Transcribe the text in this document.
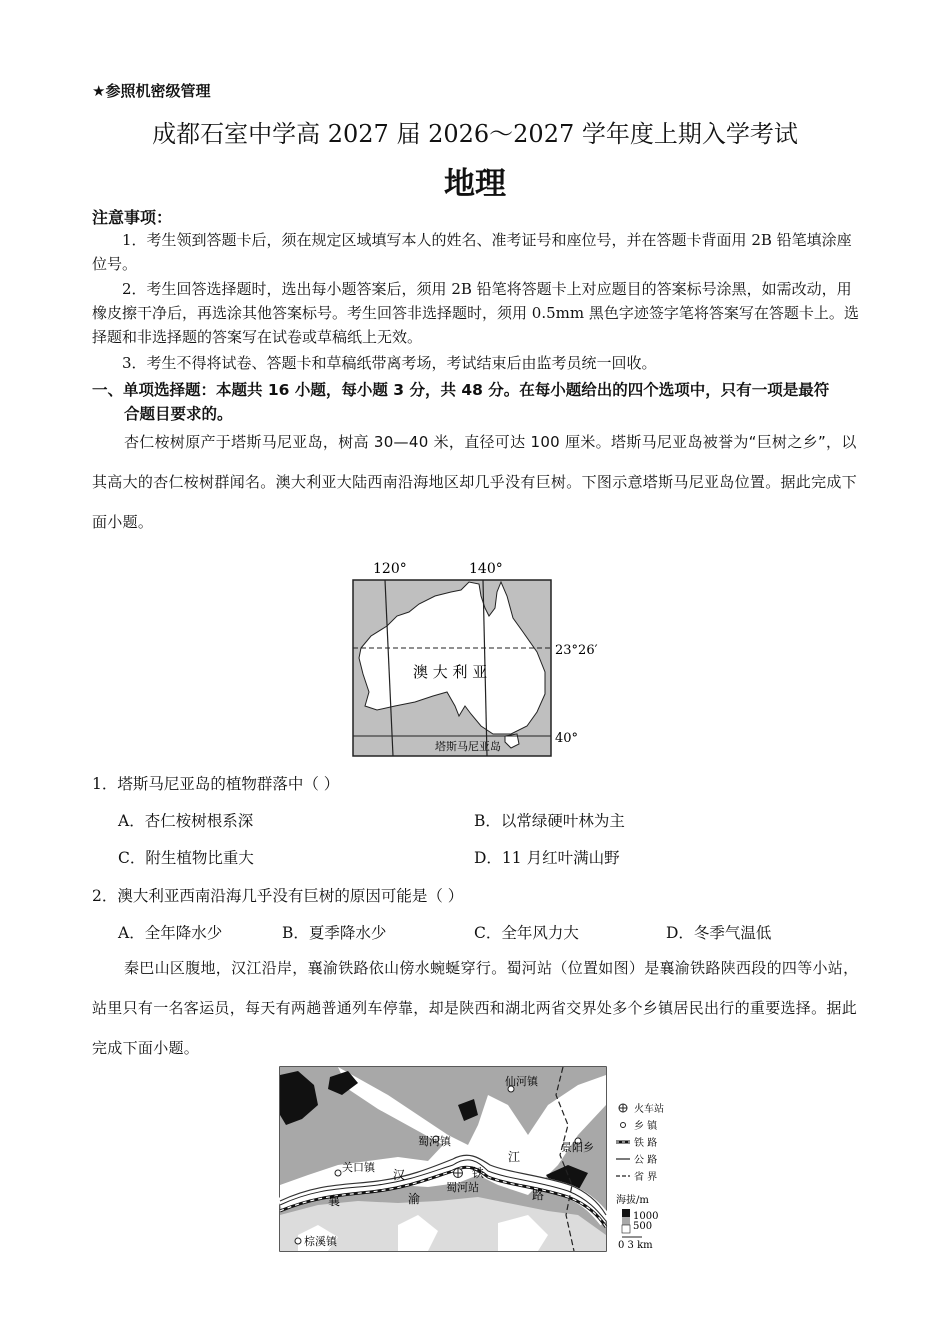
★参照机密级管理
成都石室中学高 2027 届 2026～2027 学年度上期入学考试
地理
注意事项：
1．考生领到答题卡后，须在规定区域填写本人的姓名、准考证号和座位号，并在答题卡背面用 2B 铅笔填涂座位号。
2．考生回答选择题时，选出每小题答案后，须用 2B 铅笔将答题卡上对应题目的答案标号涂黑，如需改动，用橡皮擦干净后，再选涂其他答案标号。考生回答非选择题时，须用 0.5mm 黑色字迹签字笔将答案写在答题卡上。选择题和非选择题的答案写在试卷或草稿纸上无效。
3．考生不得将试卷、答题卡和草稿纸带离考场，考试结束后由监考员统一回收。
一、单项选择题：本题共 16 小题，每小题 3 分，共 48 分。在每小题给出的四个选项中，只有一项是最符
合题目要求的。
杏仁桉树原产于塔斯马尼亚岛，树高 30—40 米，直径可达 100 厘米。塔斯马尼亚岛被誉为“巨树之乡”，以其高大的杏仁桉树群闻名。澳大利亚大陆西南沿海地区却几乎没有巨树。下图示意塔斯马尼亚岛位置。据此完成下面小题。
120°	140°
23°26′
40°
澳 大 利 亚
塔斯马尼亚岛
1．塔斯马尼亚岛的植物群落中（ ）
A．杏仁桉树根系深	B．以常绿硬叶林为主
C．附生植物比重大	D．11 月红叶满山野
2．澳大利亚西南沿海几乎没有巨树的原因可能是（ ）
A．全年降水少	B．夏季降水少	C．全年风力大	D．冬季气温低
秦巴山区腹地，汉江沿岸，襄渝铁路依山傍水蜿蜒穿行。蜀河站（位置如图）是襄渝铁路陕西段的四等小站，站里只有一名客运员，每天有两趟普通列车停靠，却是陕西和湖北两省交界处多个乡镇居民出行的重要选择。据此完成下面小题。
仙河镇
蜀河镇
关口镇
景阳乡
棕溪镇
蜀河站
汉
江
襄	渝
铁
路
火车站
乡 镇
铁 路
公 路
省 界
海拔/m
1000
500
0 3 km
